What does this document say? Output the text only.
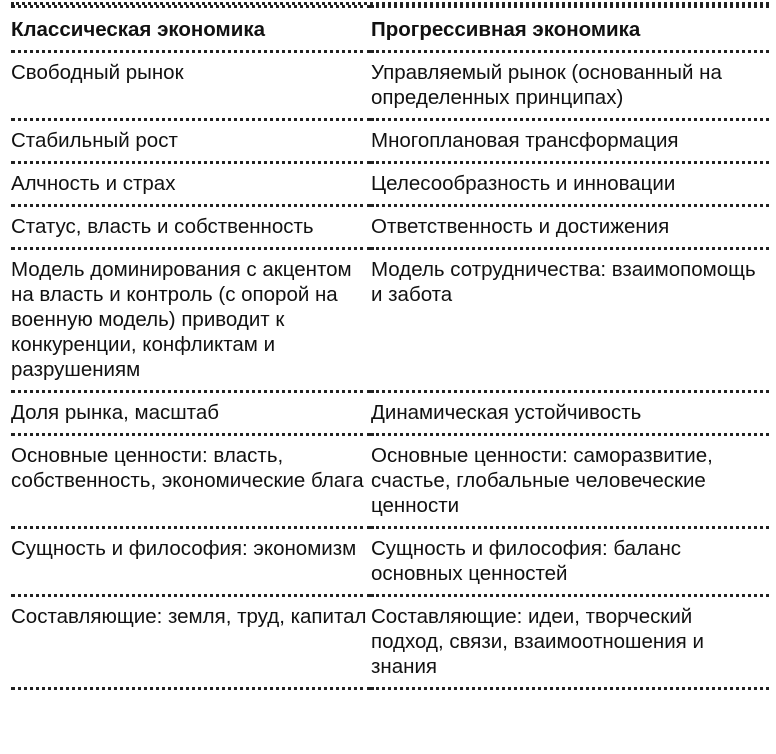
Классическая экономика	Прогрессивная экономика
Свободный рынок	Управляемый рынок (основанный на определенных принципах)
Стабильный рост	Многоплановая трансформация
Алчность и страх	Целесообразность и инновации
Статус, власть и собственность	Ответственность и достижения
Модель доминирования с акцентом на власть и контроль (с опорой на военную модель) приводит к конкуренции, конфликтам и разрушениям	Модель сотрудничества: взаимопомощь и забота
Доля рынка, масштаб	Динамическая устойчивость
Основные ценности: власть, собственность, экономические блага	Основные ценности: саморазвитие, счастье, глобальные человеческие ценности
Сущность и философия: экономизм	Сущность и философия: баланс основных ценностей
Составляющие: земля, труд, капитал	Составляющие: идеи, творческий подход, связи, взаимоотношения и знания
